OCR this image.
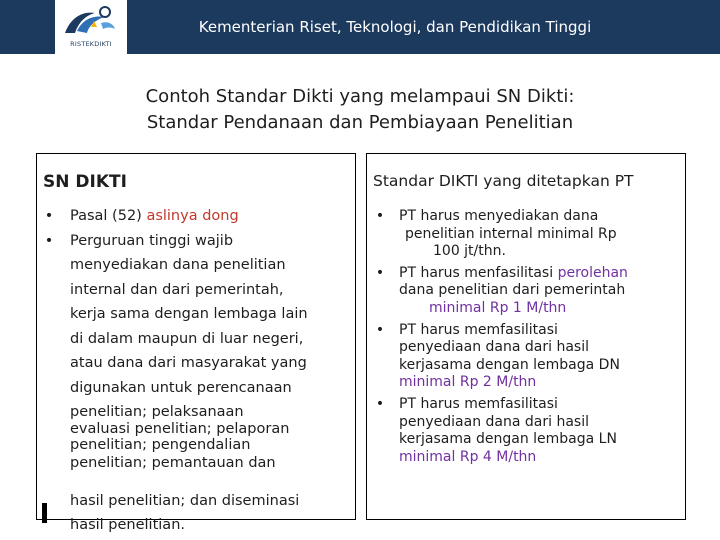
RISTEKDIKTI
Kementerian Riset, Teknologi, dan Pendidikan Tinggi
Contoh Standar Dikti yang melampaui SN Dikti:
Standar Pendanaan dan Pembiayaan Penelitian
SN DIKTI
• Pasal (52) aslinya dong
• Perguruan tinggi wajib
menyediakan dana penelitian
internal dan dari pemerintah,
kerja sama dengan lembaga lain
di dalam maupun di luar negeri,
atau dana dari masyarakat yang
digunakan untuk perencanaan
penelitian; pelaksanaan
evaluasi penelitian; pelaporan
penelitian; pengendalian
penelitian; pemantauan dan
hasil penelitian; dan diseminasi
hasil penelitian.
Standar DIKTI yang ditetapkan PT
• PT harus menyediakan dana
penelitian internal minimal Rp
100 jt/thn.
• PT harus menfasilitasi perolehan
dana penelitian dari pemerintah
minimal Rp 1 M/thn
• PT harus memfasilitasi
penyediaan dana dari hasil
kerjasama dengan lembaga DN
minimal Rp 2 M/thn
• PT harus memfasilitasi
penyediaan dana dari hasil
kerjasama dengan lembaga LN
minimal Rp 4 M/thn
